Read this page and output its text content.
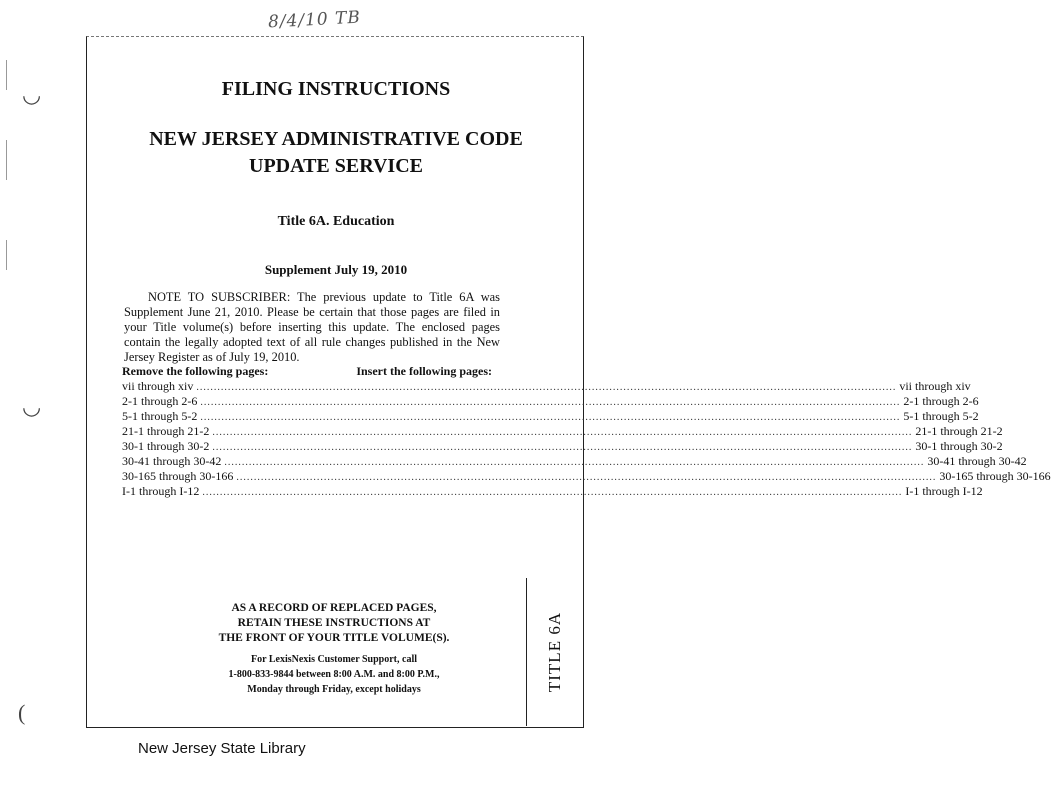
8/4/10 TB
◡
◡
(
FILING INSTRUCTIONS
NEW JERSEY ADMINISTRATIVE CODE
UPDATE SERVICE
Title 6A. Education
Supplement July 19, 2010
NOTE TO SUBSCRIBER: The previous update to Title 6A was Supplement June 21, 2010. Please be certain that those pages are filed in your Title volume(s) before inserting this update. The enclosed pages contain the legally adopted text of all rule changes published in the New Jersey Register as of July 19, 2010.
Remove the following pages:	Insert the following pages:
vii through xiv ........................................................................................................................................................................................................ vii through xiv
2-1 through 2-6 ........................................................................................................................................................................................................ 2-1 through 2-6
5-1 through 5-2 ........................................................................................................................................................................................................ 5-1 through 5-2
21-1 through 21-2 ........................................................................................................................................................................................................ 21-1 through 21-2
30-1 through 30-2 ........................................................................................................................................................................................................ 30-1 through 30-2
30-41 through 30-42 ........................................................................................................................................................................................................ 30-41 through 30-42
30-165 through 30-166 ........................................................................................................................................................................................................ 30-165 through 30-166
I-1 through I-12 ........................................................................................................................................................................................................ I-1 through I-12
AS A RECORD OF REPLACED PAGES,
RETAIN THESE INSTRUCTIONS AT
THE FRONT OF YOUR TITLE VOLUME(S).
For LexisNexis Customer Support, call
1-800-833-9844 between 8:00 A.M. and 8:00 P.M.,
Monday through Friday, except holidays	TITLE 6A
New Jersey State Library
